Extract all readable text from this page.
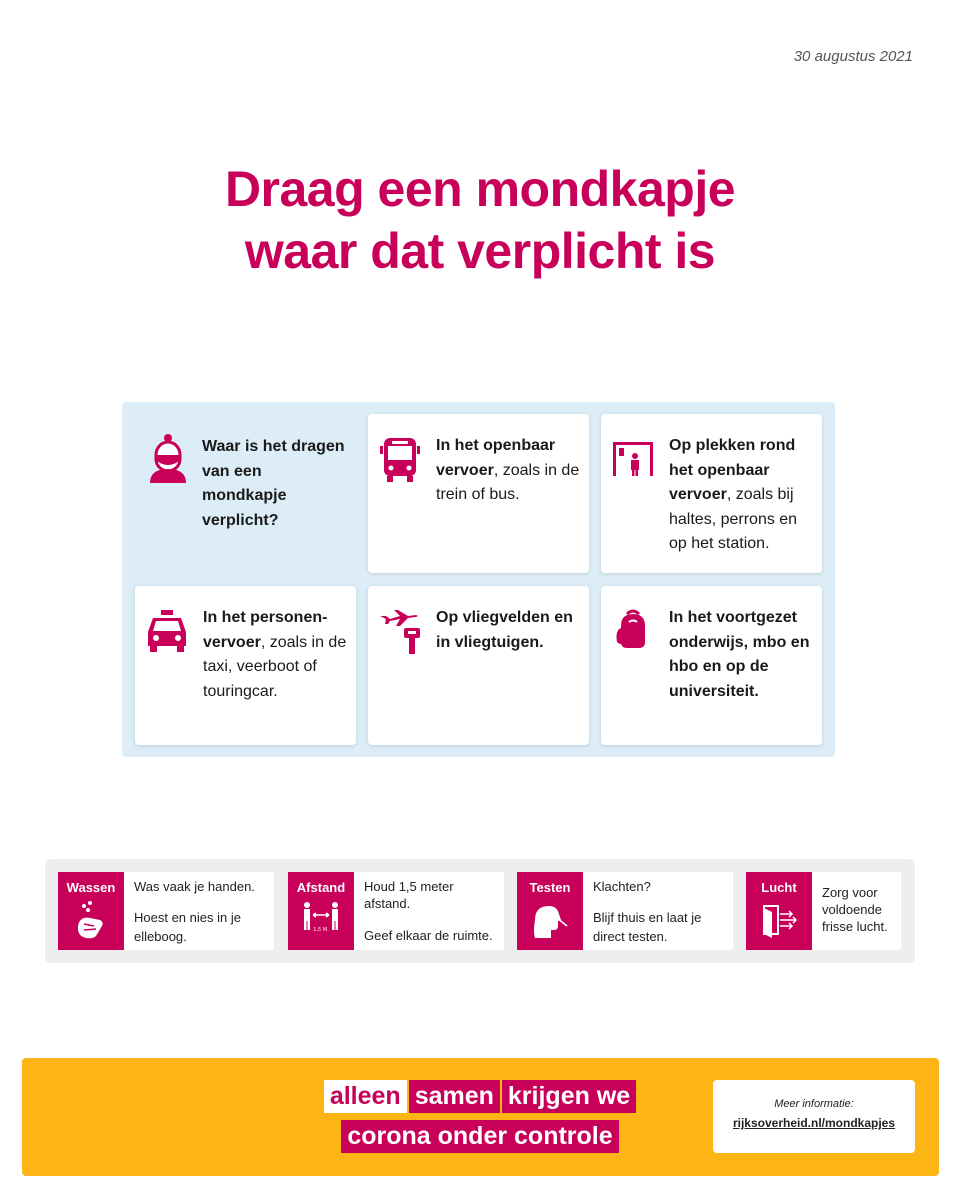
30 augustus 2021
Draag een mondkapje
waar dat verplicht is
Waar is het dragen van een mondkapje verplicht?
In het openbaar vervoer, zoals in de trein of bus.
Op plekken rond het openbaar vervoer, zoals bij haltes, perrons en op het station.
In het personen-vervoer, zoals in de taxi, veerboot of touringcar.
Op vliegvelden en in vliegtuigen.
In het voortgezet onderwijs, mbo en hbo en op de universiteit.
Wassen	Was vaak je handen.
Hoest en nies in je elleboog.
Afstand
1,5 M.
Houd 1,5 meter afstand.
Geef elkaar de ruimte.
Testen	Klachten?
Blijf thuis en laat je direct testen.
Lucht	Zorg voor voldoende frisse lucht.
alleen samen krijgen we
corona onder controle
Meer informatie:
rijksoverheid.nl/mondkapjes
